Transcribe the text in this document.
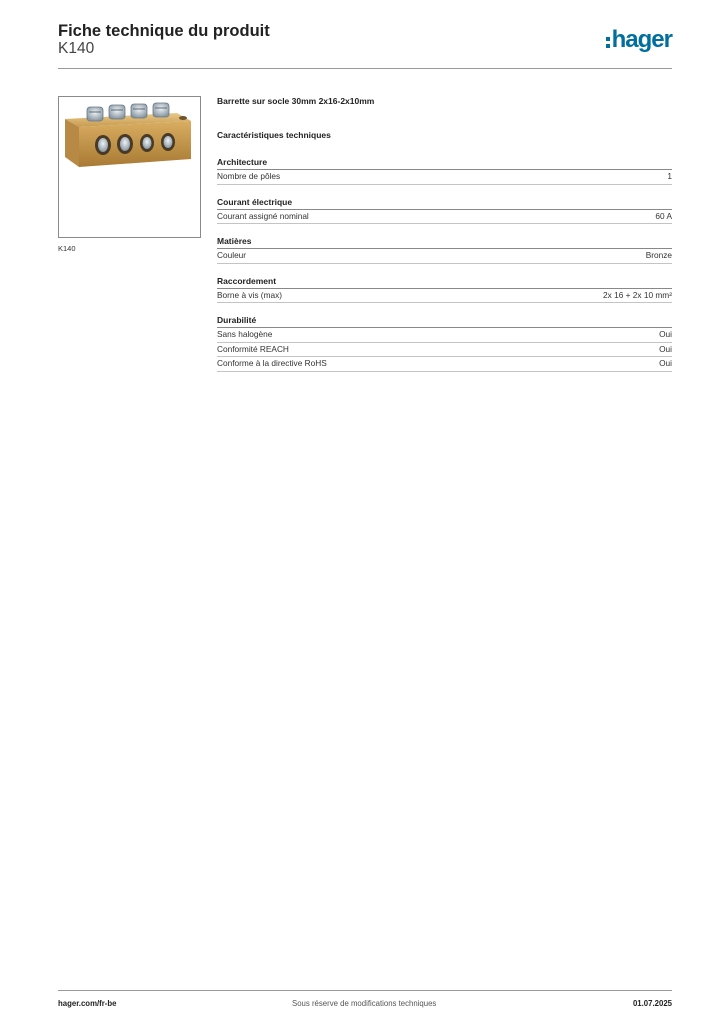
Fiche technique du produit
K140	hager
K140
Barrette sur socle 30mm 2x16-2x10mm
Caractéristiques techniques
Architecture
Nombre de pôles	1
Courant électrique
Courant assigné nominal	60 A
Matières
Couleur	Bronze
Raccordement
Borne à vis (max)	2x 16 + 2x 10 mm²
Durabilité
Sans halogène	Oui
Conformité REACH	Oui
Conforme à la directive RoHS	Oui
hager.com/fr-be	Sous réserve de modifications techniques	01.07.2025
